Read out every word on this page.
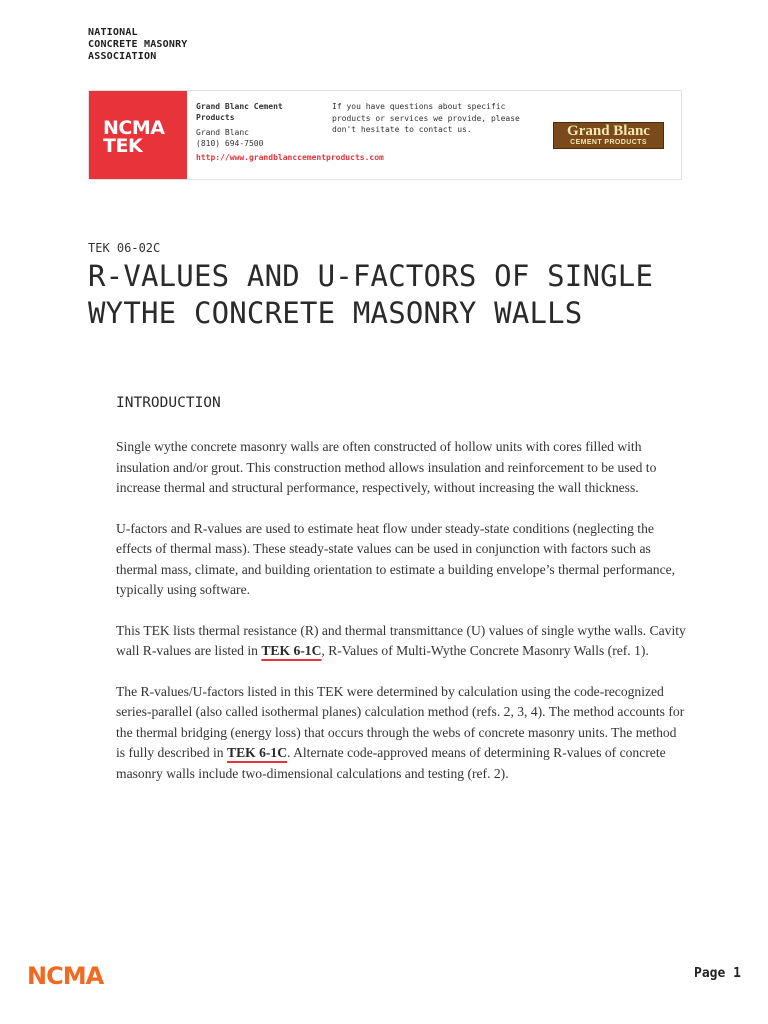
NATIONAL
CONCRETE MASONRY
ASSOCIATION
NCMA
TEK
Grand Blanc Cement Products
Grand Blanc
(810) 694-7500
http://www.grandblanccementproducts.com
If you have questions about specific products or services we provide, please don't hesitate to contact us.	Grand Blanc
CEMENT PRODUCTS
TEK 06-02C
R-VALUES AND U-FACTORS OF SINGLE WYTHE CONCRETE MASONRY WALLS
INTRODUCTION

Single wythe concrete masonry walls are often constructed of hollow units with cores filled with insulation and/or grout. This construction method allows insulation and reinforcement to be used to increase thermal and structural performance, respectively, without increasing the wall thickness.

U-factors and R-values are used to estimate heat flow under steady-state conditions (neglecting the effects of thermal mass). These steady-state values can be used in conjunction with factors such as thermal mass, climate, and building orientation to estimate a building envelope’s thermal performance, typically using software.

This TEK lists thermal resistance (R) and thermal transmittance (U) values of single wythe walls. Cavity wall R-values are listed in TEK 6-1C, R-Values of Multi-Wythe Concrete Masonry Walls (ref. 1).

The R-values/U-factors listed in this TEK were determined by calculation using the code-recognized series-parallel (also called isothermal planes) calculation method (refs. 2, 3, 4). The method accounts for the thermal bridging (energy loss) that occurs through the webs of concrete masonry units. The method is fully described in TEK 6-1C. Alternate code-approved means of determining R-values of concrete masonry walls include two-dimensional calculations and testing (ref. 2).

NCMA	Page 1
